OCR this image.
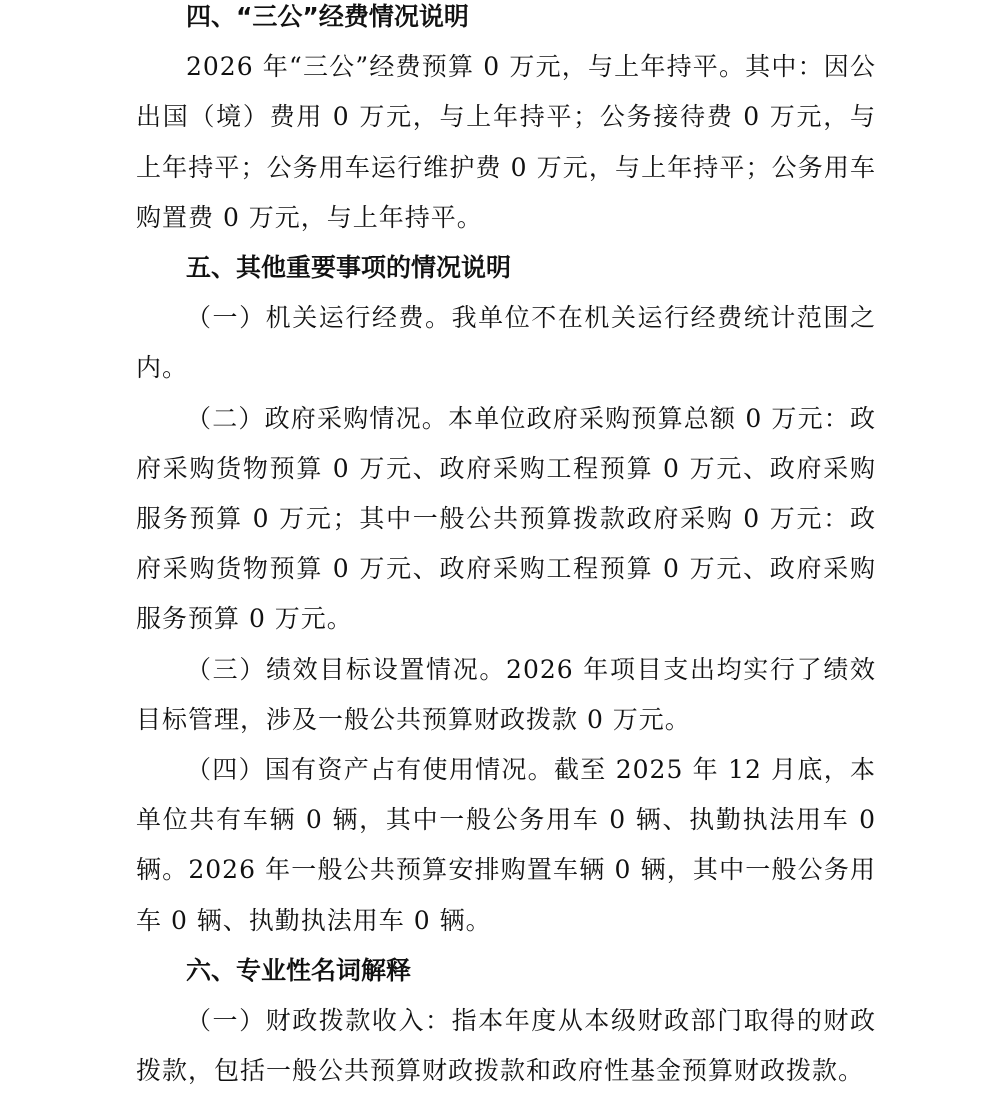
四、“三公”经费情况说明

2026 年“三公”经费预算 0 万元，与上年持平。其中：因公出国（境）费用 0 万元，与上年持平；公务接待费 0 万元，与上年持平；公务用车运行维护费 0 万元，与上年持平；公务用车购置费 0 万元，与上年持平。

五、其他重要事项的情况说明

（一）机关运行经费。我单位不在机关运行经费统计范围之内。

（二）政府采购情况。本单位政府采购预算总额 0 万元：政府采购货物预算 0 万元、政府采购工程预算 0 万元、政府采购服务预算 0 万元；其中一般公共预算拨款政府采购 0 万元：政府采购货物预算 0 万元、政府采购工程预算 0 万元、政府采购服务预算 0 万元。

（三）绩效目标设置情况。2026 年项目支出均实行了绩效目标管理，涉及一般公共预算财政拨款 0 万元。

（四）国有资产占有使用情况。截至 2025 年 12 月底，本单位共有车辆 0 辆，其中一般公务用车 0 辆、执勤执法用车 0 辆。2026 年一般公共预算安排购置车辆 0 辆，其中一般公务用车 0 辆、执勤执法用车 0 辆。

六、专业性名词解释

（一）财政拨款收入：指本年度从本级财政部门取得的财政拨款，包括一般公共预算财政拨款和政府性基金预算财政拨款。
